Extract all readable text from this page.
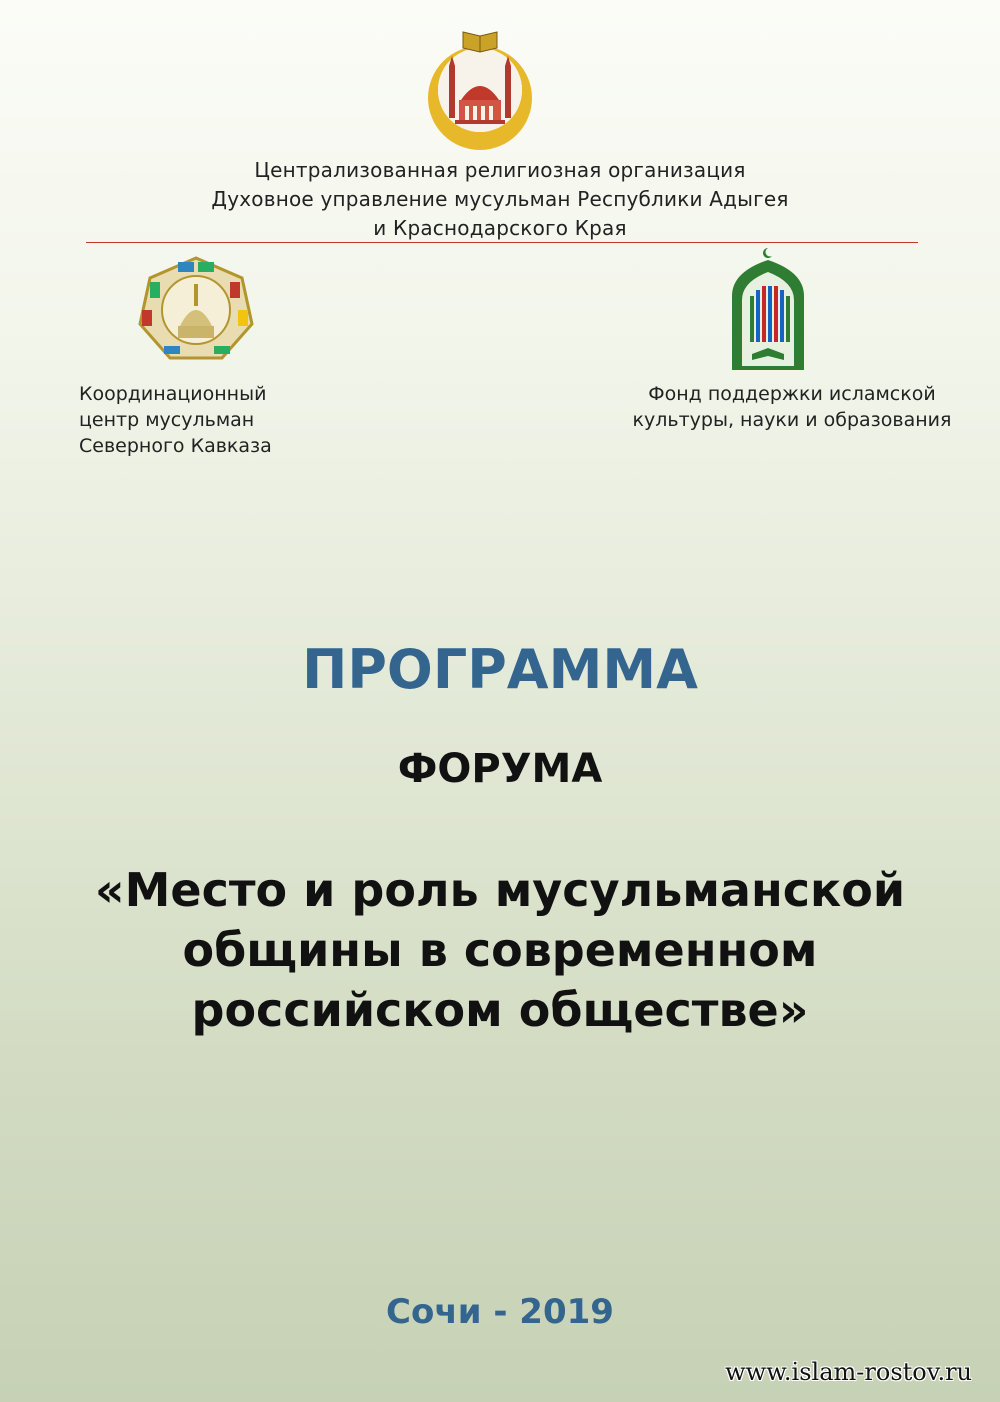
Централизованная религиозная организация
Духовное управление мусульман Республики Адыгея
и Краснодарского Края
Координационный
центр мусульман
Северного Кавказа
Фонд поддержки исламской
культуры, науки и образования
ПРОГРАММА
ФОРУМА
«Место и роль мусульманской
общины в современном
российском обществе»
Сочи - 2019
www.islam-rostov.ru
